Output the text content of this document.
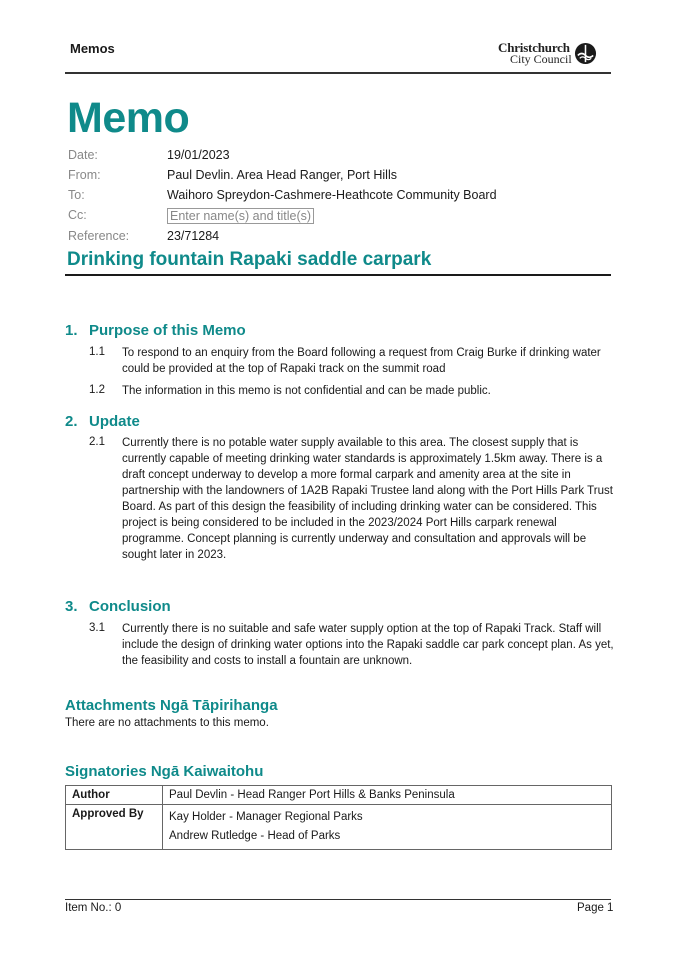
Memos	Christchurch
City Council
Memo
Date:	19/01/2023
From:	Paul Devlin. Area Head Ranger, Port Hills
To:	Waihoro Spreydon-Cashmere-Heathcote Community Board
Cc:	Enter name(s) and title(s)
Reference:	23/71284
Drinking fountain Rapaki saddle carpark
1. Purpose of this Memo
1.1 To respond to an enquiry from the Board following a request from Craig Burke if drinking water could be provided at the top of Rapaki track on the summit road
1.2 The information in this memo is not confidential and can be made public.
2. Update
2.1 Currently there is no potable water supply available to this area. The closest supply that is currently capable of meeting drinking water standards is approximately 1.5km away. There is a draft concept underway to develop a more formal carpark and amenity area at the site in partnership with the landowners of 1A2B Rapaki Trustee land along with the Port Hills Park Trust Board. As part of this design the feasibility of including drinking water can be considered. This project is being considered to be included in the 2023/2024 Port Hills carpark renewal programme. Concept planning is currently underway and consultation and approvals will be sought later in 2023.
3. Conclusion
3.1 Currently there is no suitable and safe water supply option at the top of Rapaki Track. Staff will include the design of drinking water options into the Rapaki saddle car park concept plan. As yet, the feasibility and costs to install a fountain are unknown.
Attachments Ngā Tāpirihanga
There are no attachments to this memo.
Signatories Ngā Kaiwaitohu
Author	Paul Devlin - Head Ranger Port Hills & Banks Peninsula
Approved By	Kay Holder - Manager Regional Parks
Andrew Rutledge - Head of Parks
Item No.: 0	Page 1
